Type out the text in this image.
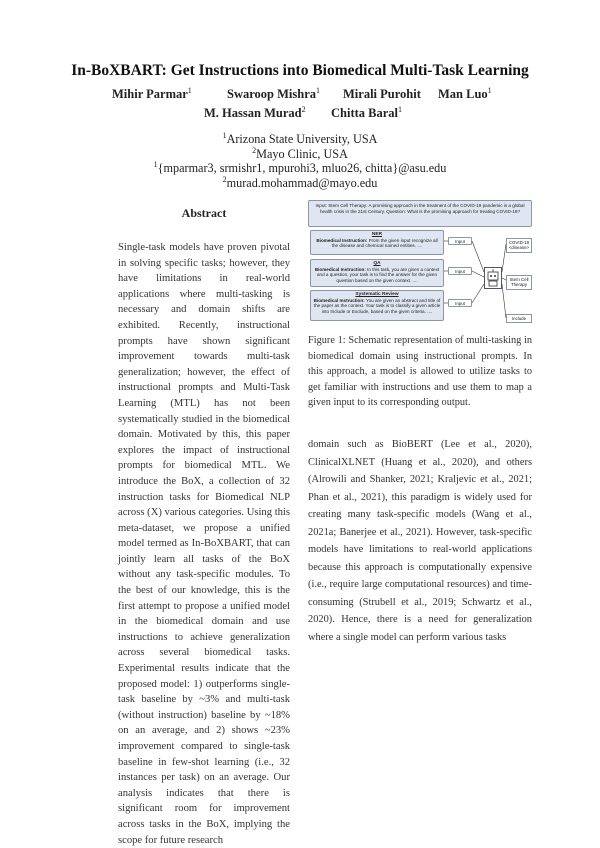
In-BoXBART: Get Instructions into Biomedical Multi-Task Learning
Mihir Parmar$^1$	Swaroop Mishra$^1$ Mirali Purohit Man Luo$^1$
M. Hassan Murad$^2$ Chitta Baral$^1$
$^1$Arizona State University, USA
$^2$Mayo Clinic, USA
$^1${mparmar3, srmishr1, mpurohi3, mluo26, chitta}@asu.edu
$^2$murad.mohammad@mayo.edu
Abstract
Single-task models have proven pivotal in solving specific tasks; however, they have limitations in real-world applications where multi-tasking is necessary and domain shifts are exhibited. Recently, instructional prompts have shown significant improvement towards multi-task generalization; however, the effect of instructional prompts and Multi-Task Learning (MTL) has not been systematically studied in the biomedical domain. Motivated by this, this paper explores the impact of instructional prompts for biomedical MTL. We introduce the BoX, a collection of 32 instruction tasks for Biomedical NLP across (X) various categories. Using this meta-dataset, we propose a unified model termed as In-BoXBART, that can jointly learn all tasks of the BoX without any task-specific modules. To the best of our knowledge, this is the first attempt to propose a unified model in the biomedical domain and use instructions to achieve generalization across several biomedical tasks. Experimental results indicate that the proposed model: 1) outperforms single-task baseline by ~3% and multi-task (without instruction) baseline by ~18% on an average, and 2) shows ~23% improvement compared to single-task baseline in few-shot learning (i.e., 32 instances per task) on an average. Our analysis indicates that there is significant room for improvement across tasks in the BoX, implying the scope for future research
Input: Stem Cell Therapy: A promising approach in the treatment of the COVID-19 pandemic is a global health crisis in the 21st Century. Question: What is the promising approach for treating COVID-19?
NER
Biomedical Instruction: From the given input recognize all the disease and chemical named entities. ....
QA
Biomedical Instruction: In this task, you are given a context and a question, your task is to find the answer for the given question based on the given context. ....
Systematic Review
Biomedical Instruction: You are given an abstract and title of the paper as the context. Your task is to classify a given article into Include or Exclude, based on the given criteria. ....
Input
Input
Input
COVID-19 <disease>
Stem Cell Therapy
Include
Figure 1: Schematic representation of multi-tasking in biomedical domain using instructional prompts. In this approach, a model is allowed to utilize tasks to get familiar with instructions and use them to map a given input to its corresponding output.
domain such as BioBERT (Lee et al., 2020), ClinicalXLNET (Huang et al., 2020), and others (Alrowili and Shanker, 2021; Kraljevic et al., 2021; Phan et al., 2021), this paradigm is widely used for creating many task-specific models (Wang et al., 2021a; Banerjee et al., 2021). However, task-specific models have limitations to real-world applications because this approach is computationally expensive (i.e., require large computational resources) and time-consuming (Strubell et al., 2019; Schwartz et al., 2020). Hence, there is a need for generalization where a single model can perform various tasks
